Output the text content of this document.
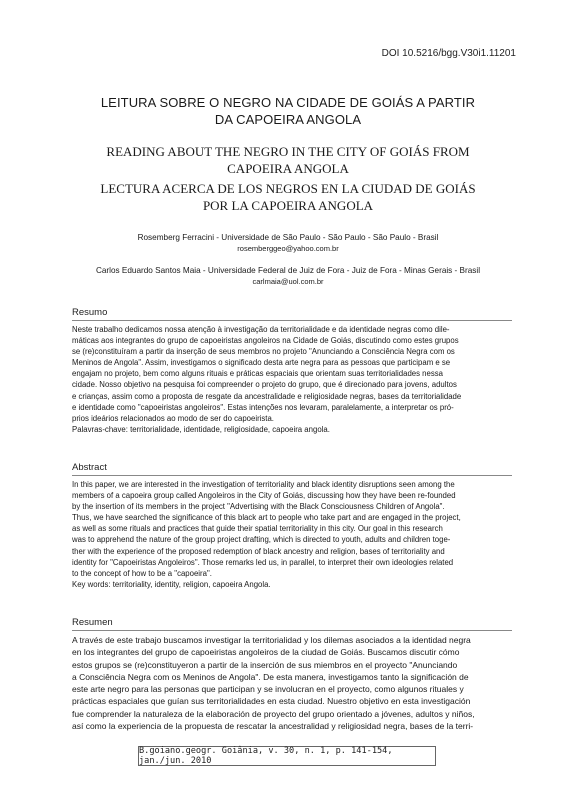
DOI 10.5216/bgg.V30i1.11201
LEITURA SOBRE O NEGRO NA CIDADE DE GOIÁS A PARTIR
DA CAPOEIRA ANGOLA
READING ABOUT THE NEGRO IN THE CITY OF GOIÁS FROM
CAPOEIRA ANGOLA
LECTURA ACERCA DE LOS NEGROS EN LA CIUDAD DE GOIÁS
POR LA CAPOEIRA ANGOLA
Rosemberg Ferracini - Universidade de São Paulo - São Paulo - São Paulo - Brasil
rosemberggeo@yahoo.com.br
Carlos Eduardo Santos Maia - Universidade Federal de Juiz de Fora - Juiz de Fora - Minas Gerais - Brasil
carlmaia@uol.com.br
Resumo
Neste trabalho dedicamos nossa atenção à investigação da territorialidade e da identidade negras como dile-
máticas aos integrantes do grupo de capoeiristas angoleiros na Cidade de Goiás, discutindo como estes grupos
se (re)constituíram a partir da inserção de seus membros no projeto "Anunciando a Consciência Negra com os
Meninos de Angola". Assim, investigamos o significado desta arte negra para as pessoas que participam e se
engajam no projeto, bem como alguns rituais e práticas espaciais que orientam suas territorialidades nessa
cidade. Nosso objetivo na pesquisa foi compreender o projeto do grupo, que é direcionado para jovens, adultos
e crianças, assim como a proposta de resgate da ancestralidade e religiosidade negras, bases da territorialidade
e identidade como "capoeiristas angoleiros". Estas intenções nos levaram, paralelamente, a interpretar os pró-
prios ideários relacionados ao modo de ser do capoeirista.
Palavras-chave: territorialidade, identidade, religiosidade, capoeira angola.
Abstract
In this paper, we are interested in the investigation of territoriality and black identity disruptions seen among the
members of a capoeira group called Angoleiros in the City of Goiás, discussing how they have been re-founded
by the insertion of its members in the project "Advertising with the Black Consciousness Children of Angola".
Thus, we have searched the significance of this black art to people who take part and are engaged in the project,
as well as some rituals and practices that guide their spatial territoriality in this city. Our goal in this research
was to apprehend the nature of the group project drafting, which is directed to youth, adults and children toge-
ther with the experience of the proposed redemption of black ancestry and religion, bases of territoriality and
identity for "Capoeiristas Angoleiros". Those remarks led us, in parallel, to interpret their own ideologies related
to the concept of how to be a "capoeira".
Key words: territoriality, identity, religion, capoeira Angola.
Resumen
A través de este trabajo buscamos investigar la territorialidad y los dilemas asociados a la identidad negra
en los integrantes del grupo de capoeiristas angoleiros de la ciudad de Goiás. Buscamos discutir cómo
estos grupos se (re)constituyeron a partir de la inserción de sus miembros en el proyecto "Anunciando
a Consciência Negra com os Meninos de Angola". De esta manera, investigamos tanto la significación de
este arte negro para las personas que participan y se involucran en el proyecto, como algunos rituales y
prácticas espaciales que guían sus territorialidades en esta ciudad. Nuestro objetivo en esta investigación
fue comprender la naturaleza de la elaboración de proyecto del grupo orientado a jóvenes, adultos y niños,
así como la experiencia de la propuesta de rescatar la ancestralidad y religiosidad negra, bases de la terri-
B.goiano.geogr. Goiânia, v. 30, n. 1, p. 141-154, jan./jun. 2010
